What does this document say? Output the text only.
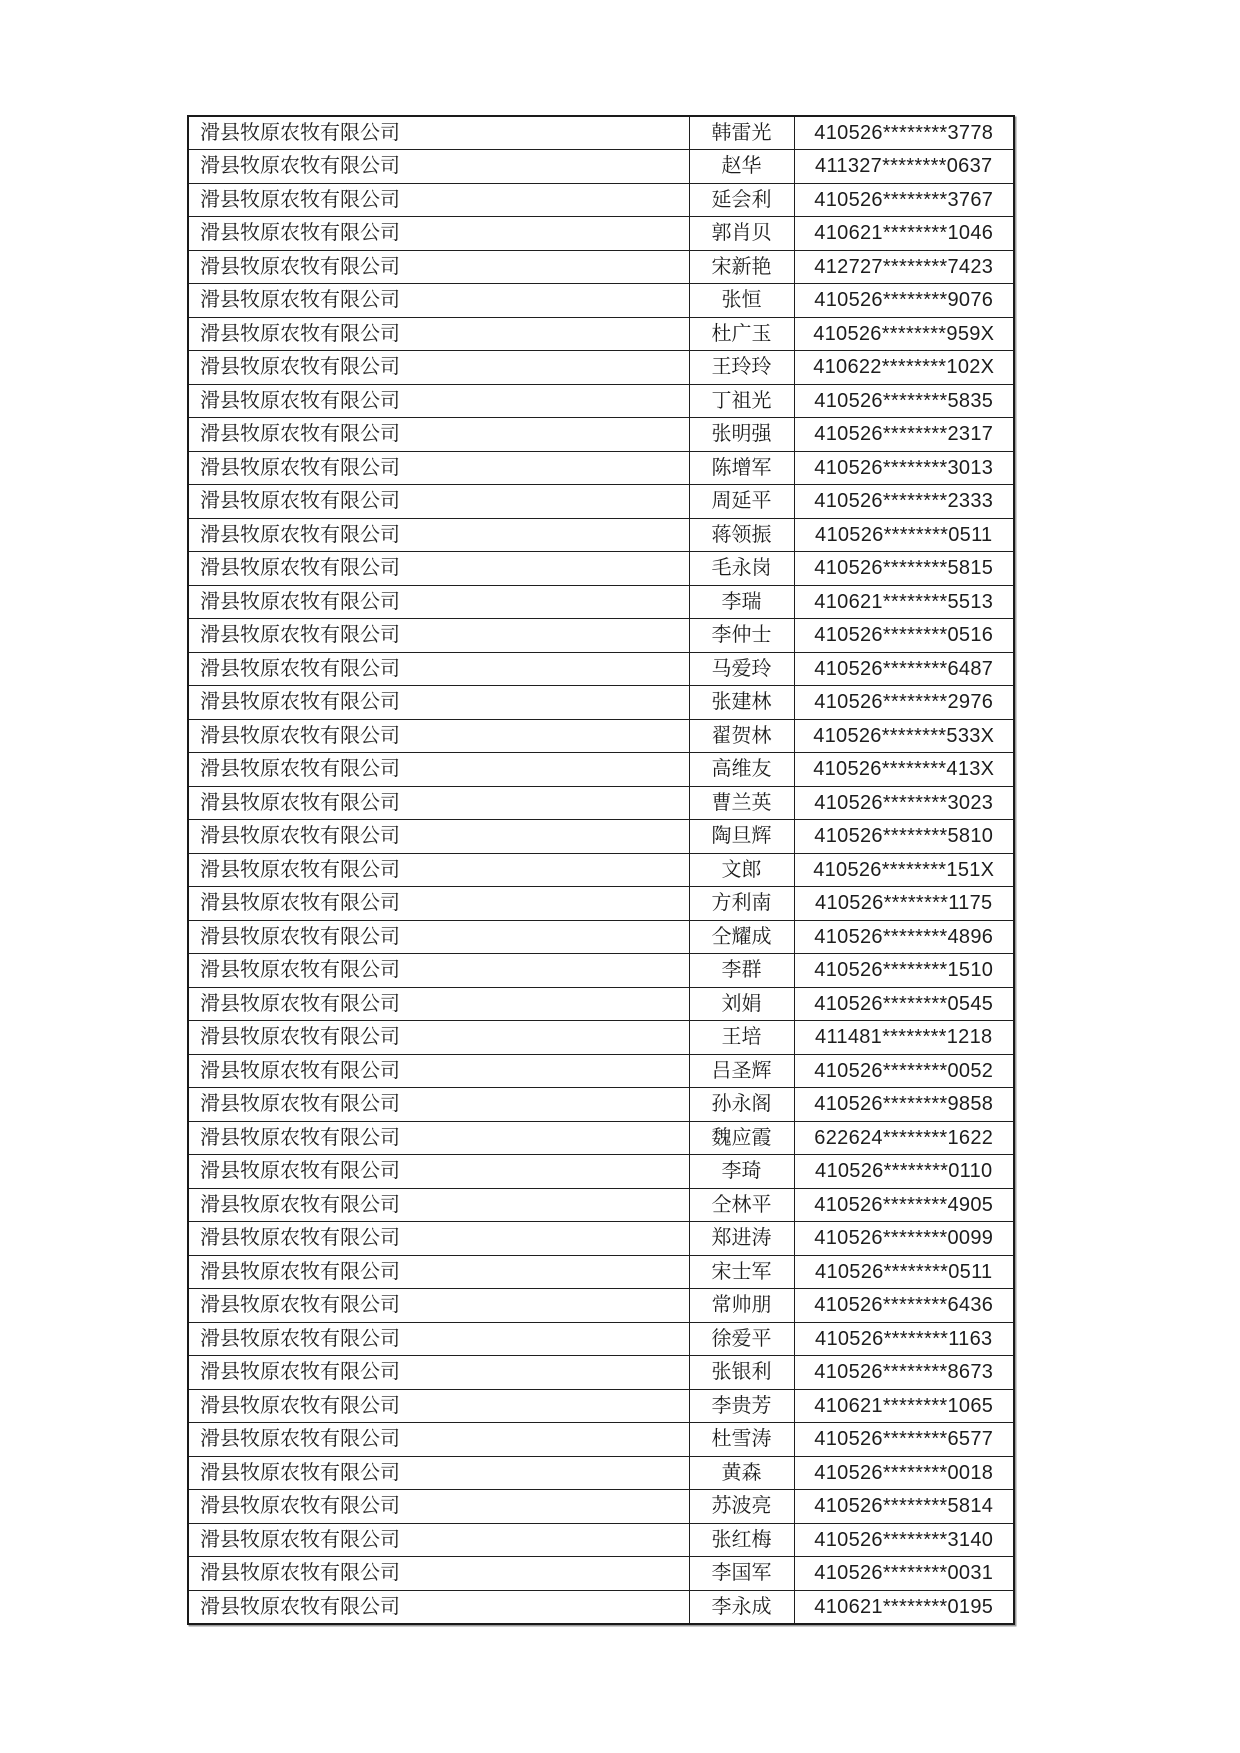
滑县牧原农牧有限公司	韩雷光	410526********3778
滑县牧原农牧有限公司	赵华	411327********0637
滑县牧原农牧有限公司	延会利	410526********3767
滑县牧原农牧有限公司	郭肖贝	410621********1046
滑县牧原农牧有限公司	宋新艳	412727********7423
滑县牧原农牧有限公司	张恒	410526********9076
滑县牧原农牧有限公司	杜广玉	410526********959X
滑县牧原农牧有限公司	王玲玲	410622********102X
滑县牧原农牧有限公司	丁祖光	410526********5835
滑县牧原农牧有限公司	张明强	410526********2317
滑县牧原农牧有限公司	陈增军	410526********3013
滑县牧原农牧有限公司	周延平	410526********2333
滑县牧原农牧有限公司	蒋领振	410526********0511
滑县牧原农牧有限公司	毛永岗	410526********5815
滑县牧原农牧有限公司	李瑞	410621********5513
滑县牧原农牧有限公司	李仲士	410526********0516
滑县牧原农牧有限公司	马爱玲	410526********6487
滑县牧原农牧有限公司	张建林	410526********2976
滑县牧原农牧有限公司	翟贺林	410526********533X
滑县牧原农牧有限公司	高维友	410526********413X
滑县牧原农牧有限公司	曹兰英	410526********3023
滑县牧原农牧有限公司	陶旦辉	410526********5810
滑县牧原农牧有限公司	文郎	410526********151X
滑县牧原农牧有限公司	方利南	410526********1175
滑县牧原农牧有限公司	仝耀成	410526********4896
滑县牧原农牧有限公司	李群	410526********1510
滑县牧原农牧有限公司	刘娟	410526********0545
滑县牧原农牧有限公司	王培	411481********1218
滑县牧原农牧有限公司	吕圣辉	410526********0052
滑县牧原农牧有限公司	孙永阁	410526********9858
滑县牧原农牧有限公司	魏应霞	622624********1622
滑县牧原农牧有限公司	李琦	410526********0110
滑县牧原农牧有限公司	仝林平	410526********4905
滑县牧原农牧有限公司	郑进涛	410526********0099
滑县牧原农牧有限公司	宋士军	410526********0511
滑县牧原农牧有限公司	常帅朋	410526********6436
滑县牧原农牧有限公司	徐爱平	410526********1163
滑县牧原农牧有限公司	张银利	410526********8673
滑县牧原农牧有限公司	李贵芳	410621********1065
滑县牧原农牧有限公司	杜雪涛	410526********6577
滑县牧原农牧有限公司	黄森	410526********0018
滑县牧原农牧有限公司	苏波亮	410526********5814
滑县牧原农牧有限公司	张红梅	410526********3140
滑县牧原农牧有限公司	李国军	410526********0031
滑县牧原农牧有限公司	李永成	410621********0195
